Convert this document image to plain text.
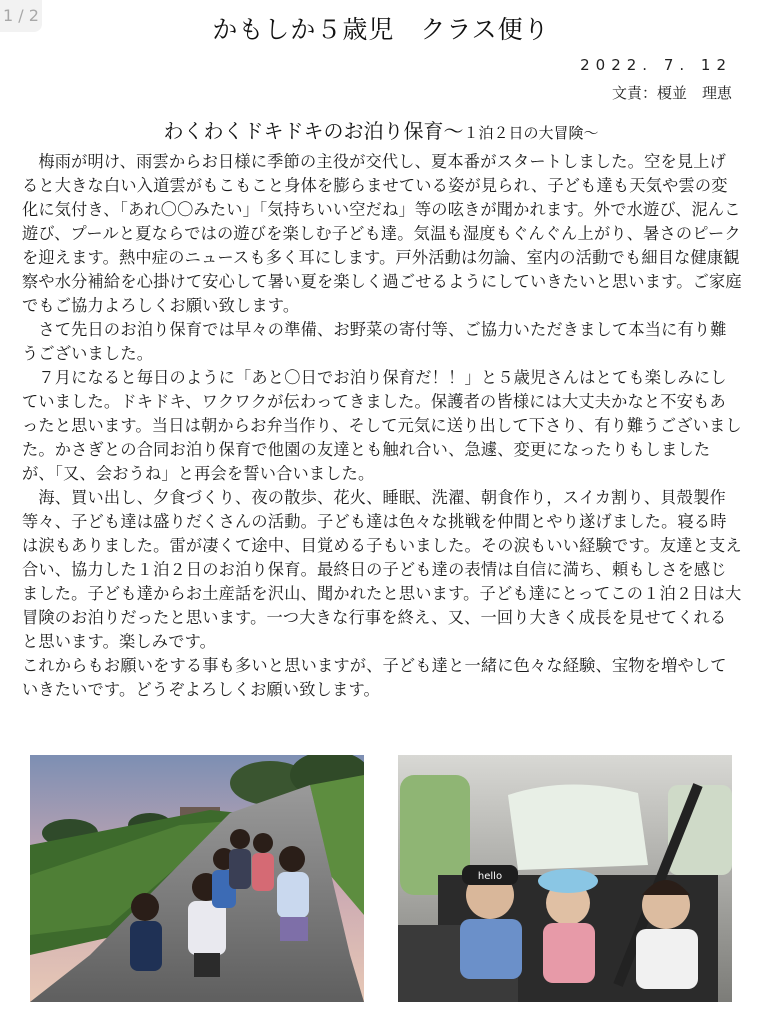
1 / 2	かもしか５歳児　クラス便り
2022. 7. 12
文責：榎並　理恵
わくわくドキドキのお泊り保育～１泊２日の大冒険～

　梅雨が明け、雨雲からお日様に季節の主役が交代し、夏本番がスタートしました。空を見上げると大きな白い入道雲がもこもこと身体を膨らませている姿が見られ、子ども達も天気や雲の変化に気付き、「あれ〇〇みたい」「気持ちいい空だね」等の呟きが聞かれます。外で水遊び、泥んこ遊び、プールと夏ならではの遊びを楽しむ子ども達。気温も湿度もぐんぐん上がり、暑さのピークを迎えます。熱中症のニュースも多く耳にします。戸外活動は勿論、室内の活動でも細目な健康観察や水分補給を心掛けて安心して暑い夏を楽しく過ごせるようにしていきたいと思います。ご家庭でもご協力よろしくお願い致します。

　さて先日のお泊り保育では早々の準備、お野菜の寄付等、ご協力いただきまして本当に有り難うございました。

　７月になると毎日のように「あと〇日でお泊り保育だ！！」と５歳児さんはとても楽しみにしていました。ドキドキ、ワクワクが伝わってきました。保護者の皆様には大丈夫かなと不安もあったと思います。当日は朝からお弁当作り、そして元気に送り出して下さり、有り難うございました。かさぎとの合同お泊り保育で他園の友達とも触れ合い、急遽、変更になったりもしましたが、「又、会おうね」と再会を誓い合いました。

　海、買い出し、夕食づくり、夜の散歩、花火、睡眠、洗濯、朝食作り，スイカ割り、貝殻製作等々、子ども達は盛りだくさんの活動。子ども達は色々な挑戦を仲間とやり遂げました。寝る時は涙もありました。雷が凄くて途中、目覚める子もいました。その涙もいい経験です。友達と支え合い、協力した１泊２日のお泊り保育。最終日の子ども達の表情は自信に満ち、頼もしさを感じました。子ども達からお土産話を沢山、聞かれたと思います。子ども達にとってこの１泊２日は大冒険のお泊りだったと思います。一つ大きな行事を終え、又、一回り大きく成長を見せてくれると思います。楽しみです。

これからもお願いをする事も多いと思いますが、子ども達と一緒に色々な経験、宝物を増やしていきたいです。どうぞよろしくお願い致します。

hello
